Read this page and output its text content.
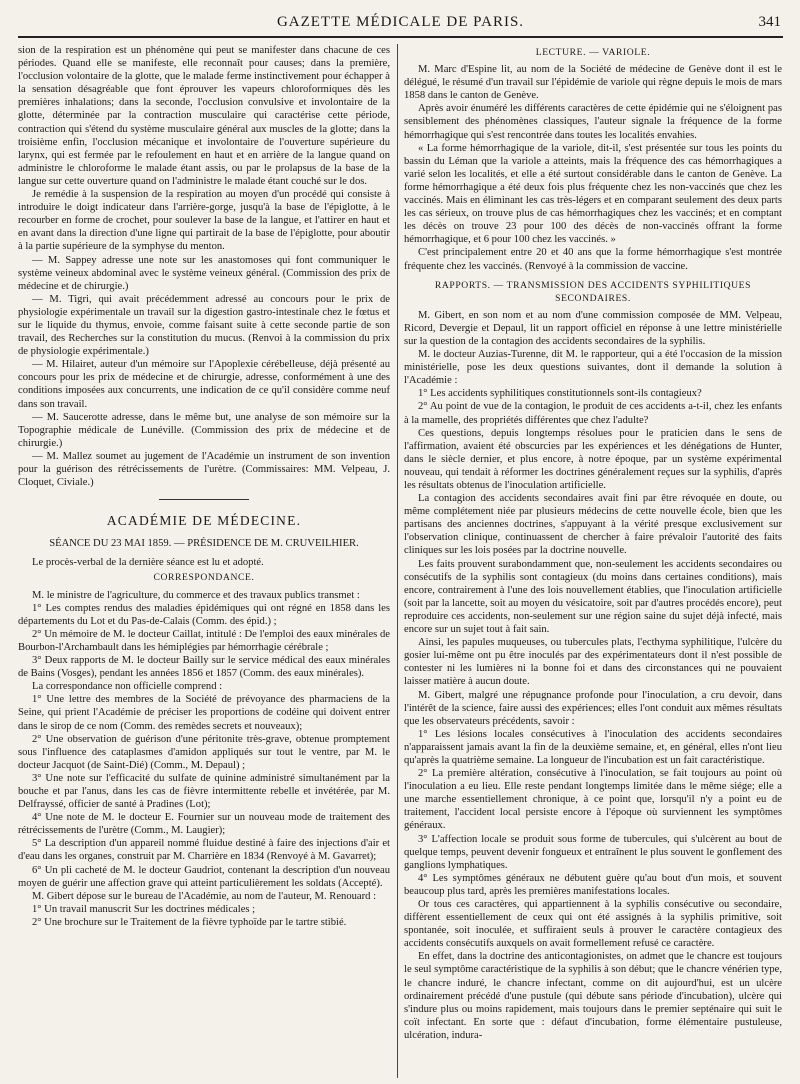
GAZETTE MÉDICALE DE PARIS.	341

sion de la respiration est un phénomène qui peut se manifester dans chacune de ces périodes. Quand elle se manifeste, elle reconnaît pour causes; dans la première, l'occlusion volontaire de la glotte, que le malade ferme instinctivement pour échapper à la sensation désagréable que font éprouver les vapeurs chloroformiques dès les premières inhalations; dans la seconde, l'occlusion convulsive et involontaire de la glotte, déterminée par la contraction musculaire qui caractérise cette période, contraction qui s'étend du système musculaire général aux muscles de la glotte; dans la troisième enfin, l'occlusion mécanique et involontaire de l'ouverture supérieure du larynx, qui est fermée par le refoulement en haut et en arrière de la langue quand on administre le chloroforme le malade étant assis, ou par le prolapsus de la base de la langue sur cette ouverture quand on l'administre le malade étant couché sur le dos.

Je remédie à la suspension de la respiration au moyen d'un procédé qui consiste à introduire le doigt indicateur dans l'arrière-gorge, jusqu'à la base de l'épiglotte, à le recourber en forme de crochet, pour soulever la base de la langue, et l'attirer en haut et en avant dans la direction d'une ligne qui partirait de la base de l'épiglotte, pour aboutir à la partie supérieure de la symphyse du menton.

— M. Sappey adresse une note sur les anastomoses qui font communiquer le système veineux abdominal avec le système veineux général. (Commission des prix de médecine et de chirurgie.)

— M. Tigri, qui avait précédemment adressé au concours pour le prix de physiologie expérimentale un travail sur la digestion gastro-intestinale chez le fœtus et sur le liquide du thymus, envoie, comme faisant suite à cette seconde partie de son travail, des Recherches sur la constitution du mucus. (Renvoi à la commission du prix de physiologie expérimentale.)

— M. Hilairet, auteur d'un mémoire sur l'Apoplexie cérébelleuse, déjà présenté au concours pour les prix de médecine et de chirurgie, adresse, conformément à une des conditions imposées aux concurrents, une indication de ce qu'il considère comme neuf dans son travail.

— M. Saucerotte adresse, dans le même but, une analyse de son mémoire sur la Topographie médicale de Lunéville. (Commission des prix de médecine et de chirurgie.)

— M. Mallez soumet au jugement de l'Académie un instrument de son invention pour la guérison des rétrécissements de l'urètre. (Commissaires: MM. Velpeau, J. Cloquet, Civiale.)

ACADÉMIE DE MÉDECINE.

SÉANCE DU 23 MAI 1859. — PRÉSIDENCE DE M. CRUVEILHIER.

Le procès-verbal de la dernière séance est lu et adopté.

CORRESPONDANCE.

M. le ministre de l'agriculture, du commerce et des travaux publics transmet :

1° Les comptes rendus des maladies épidémiques qui ont régné en 1858 dans les départements du Lot et du Pas-de-Calais (Comm. des épid.) ;

2° Un mémoire de M. le docteur Caillat, intitulé : De l'emploi des eaux minérales de Bourbon-l'Archambault dans les hémiplégies par hémorrhagie cérébrale ;

3° Deux rapports de M. le docteur Bailly sur le service médical des eaux minérales de Bains (Vosges), pendant les années 1856 et 1857 (Comm. des eaux minérales).

La correspondance non officielle comprend :

1° Une lettre des membres de la Société de prévoyance des pharmaciens de la Seine, qui prient l'Académie de préciser les proportions de codéine qui doivent entrer dans le sirop de ce nom (Comm. des remèdes secrets et nouveaux);

2° Une observation de guérison d'une péritonite très-grave, obtenue promptement sous l'influence des cataplasmes d'amidon appliqués sur tout le ventre, par M. le docteur Jacquot (de Saint-Dié) (Comm., M. Depaul) ;

3° Une note sur l'efficacité du sulfate de quinine administré simultanément par la bouche et par l'anus, dans les cas de fièvre intermittente rebelle et invétérée, par M. Delfrayssé, officier de santé à Pradines (Lot);

4° Une note de M. le docteur E. Fournier sur un nouveau mode de traitement des rétrécissements de l'urètre (Comm., M. Laugier);

5° La description d'un appareil nommé fluidue destiné à faire des injections d'air et d'eau dans les organes, construit par M. Charrière en 1834 (Renvoyé à M. Gavarret);

6° Un pli cacheté de M. le docteur Gaudriot, contenant la description d'un nouveau moyen de guérir une affection grave qui atteint particulièrement les soldats (Accepté).

M. Gibert dépose sur le bureau de l'Académie, au nom de l'auteur, M. Renouard :

1° Un travail manuscrit Sur les doctrines médicales ;

2° Une brochure sur le Traitement de la fièvre typhoïde par le tartre stibié.

LECTURE. — VARIOLE.

M. Marc d'Espine lit, au nom de la Société de médecine de Genève dont il est le délégué, le résumé d'un travail sur l'épidémie de variole qui règne depuis le mois de mars 1858 dans le canton de Genève.

Après avoir énuméré les différents caractères de cette épidémie qui ne s'éloignent pas sensiblement des phénomènes classiques, l'auteur signale la fréquence de la forme hémorrhagique qui s'est rencontrée dans toutes les localités envahies.

« La forme hémorrhagique de la variole, dit-il, s'est présentée sur tous les points du bassin du Léman que la variole a atteints, mais la fréquence des cas hémorrhagiques a varié selon les localités, et elle a été surtout considérable dans le canton de Genève. La forme hémorrhagique a été deux fois plus fréquente chez les non-vaccinés que chez les vaccinés. Mais en éliminant les cas très-légers et en comparant seulement des deux parts les cas sérieux, on trouve plus de cas hémorrhagiques chez les vaccinés; et en comptant les décès on trouve 23 pour 100 des décès de non-vaccinés offrant la forme hémorrhagique, et 6 pour 100 chez les vaccinés. »

C'est principalement entre 20 et 40 ans que la forme hémorrhagique s'est montrée fréquente chez les vaccinés. (Renvoyé à la commission de vaccine.

RAPPORTS. — TRANSMISSION DES ACCIDENTS SYPHILITIQUES SECONDAIRES.

M. Gibert, en son nom et au nom d'une commission composée de MM. Velpeau, Ricord, Devergie et Depaul, lit un rapport officiel en réponse à une lettre ministérielle sur la question de la contagion des accidents secondaires de la syphilis.

M. le docteur Auzias-Turenne, dit M. le rapporteur, qui a été l'occasion de la mission ministérielle, pose les deux questions suivantes, dont il demande la solution à l'Académie :

1° Les accidents syphilitiques constitutionnels sont-ils contagieux?

2° Au point de vue de la contagion, le produit de ces accidents a-t-il, chez les enfants à la mamelle, des propriétés différentes que chez l'adulte?

Ces questions, depuis longtemps résolues pour le praticien dans le sens de l'affirmation, avaient été obscurcies par les expériences et les dénégations de Hunter, dans le siècle dernier, et plus encore, à notre époque, par un système expérimental nouveau, qui tendait à réformer les doctrines généralement reçues sur la syphilis, d'après les résultats obtenus de l'inoculation artificielle.

La contagion des accidents secondaires avait fini par être révoquée en doute, ou même complétement niée par plusieurs médecins de cette nouvelle école, bien que les partisans des anciennes doctrines, s'appuyant à la vérité presque exclusivement sur l'observation clinique, continuassent de chercher à faire prévaloir l'autorité des faits cliniques sur les lois posées par la doctrine nouvelle.

Les faits prouvent surabondamment que, non-seulement les accidents secondaires ou consécutifs de la syphilis sont contagieux (du moins dans certaines conditions), mais encore, contrairement à l'une des lois nouvellement établies, que l'inoculation artificielle (soit par la lancette, soit au moyen du vésicatoire, soit par d'autres procédés encore), peut reproduire ces accidents, non-seulement sur une région saine du sujet déjà infecté, mais encore sur un sujet tout à fait sain.

Ainsi, les papules muqueuses, ou tubercules plats, l'ecthyma syphilitique, l'ulcère du gosier lui-même ont pu être inoculés par des expérimentateurs dont il n'est possible de contester ni les lumières ni la bonne foi et dans des circonstances qui ne pouvaient laisser matière à aucun doute.

M. Gibert, malgré une répugnance profonde pour l'inoculation, a cru devoir, dans l'intérêt de la science, faire aussi des expériences; elles l'ont conduit aux mêmes résultats que les observateurs précédents, savoir :

1° Les lésions locales consécutives à l'inoculation des accidents secondaires n'apparaissent jamais avant la fin de la deuxième semaine, et, en général, elles n'ont lieu qu'après la quatrième semaine. La longueur de l'incubation est un fait caractéristique.

2° La première altération, consécutive à l'inoculation, se fait toujours au point où l'inoculation a eu lieu. Elle reste pendant longtemps limitée dans le même siége; elle a une marche essentiellement chronique, à ce point que, lorsqu'il n'y a point eu de traitement, l'accident local persiste encore à l'époque où surviennent les symptômes généraux.

3° L'affection locale se produit sous forme de tubercules, qui s'ulcèrent au bout de quelque temps, peuvent devenir fongueux et entraînent le plus souvent le gonflement des ganglions lymphatiques.

4° Les symptômes généraux ne débutent guère qu'au bout d'un mois, et souvent beaucoup plus tard, après les premières manifestations locales.

Or tous ces caractères, qui appartiennent à la syphilis consécutive ou secondaire, diffèrent essentiellement de ceux qui ont été assignés à la syphilis primitive, soit spontanée, soit inoculée, et suffiraient seuls à prouver le caractère contagieux des accidents consécutifs auxquels on avait formellement refusé ce caractère.

En effet, dans la doctrine des anticontagionistes, on admet que le chancre est toujours le seul symptôme caractéristique de la syphilis à son début; que le chancre vénérien type, le chancre induré, le chancre infectant, comme on dit aujourd'hui, est un ulcère ordinairement précédé d'une pustule (qui débute sans période d'incubation), ulcère qui s'indure plus ou moins rapidement, mais toujours dans le premier septénaire qui suit le coït infectant. En sorte que : défaut d'incubation, forme élémentaire pustuleuse, ulcération, indura-
